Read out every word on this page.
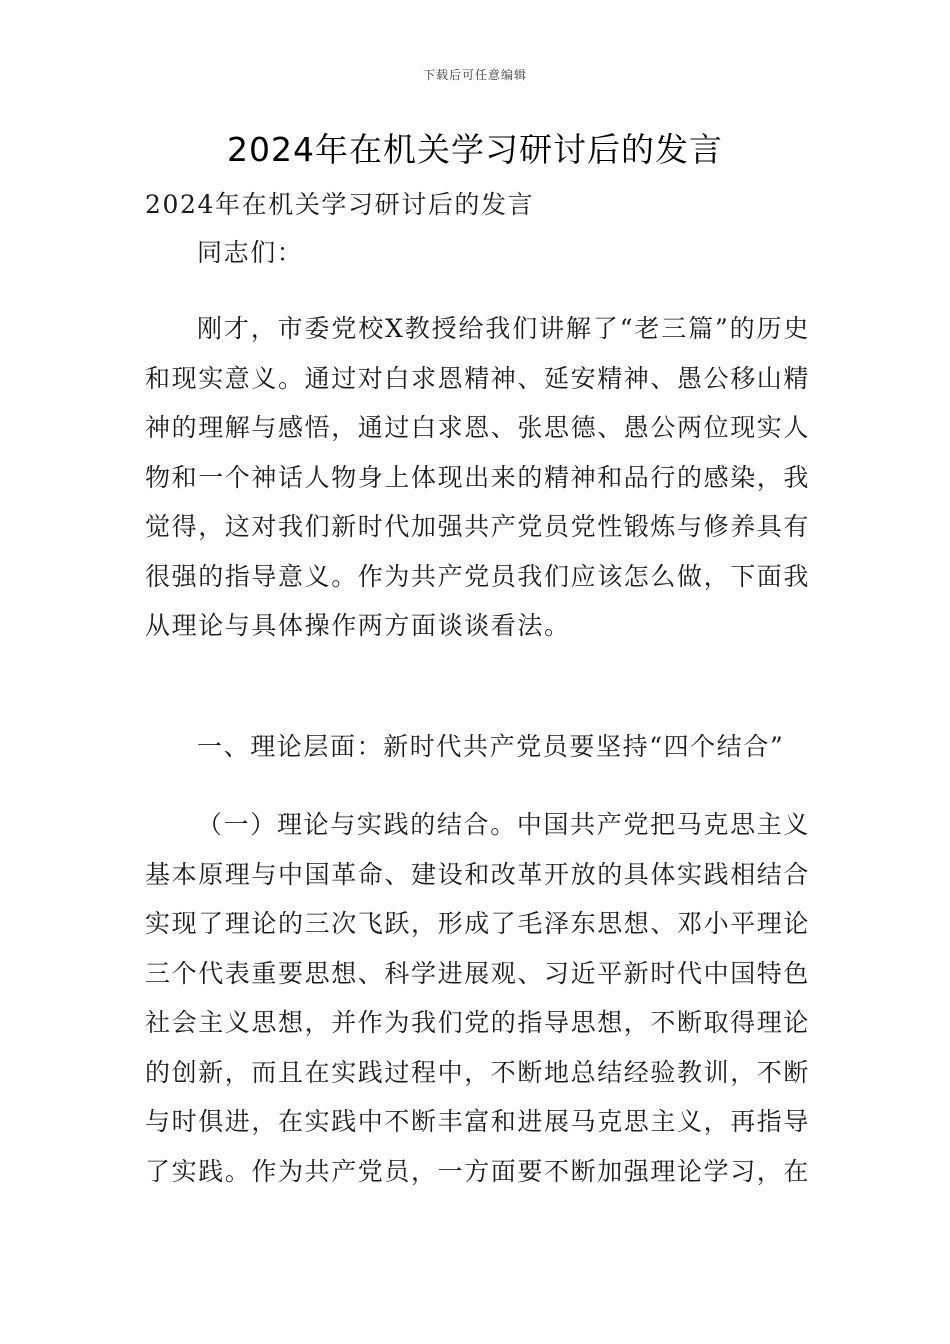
下载后可任意编辑
2024年在机关学习研讨后的发言
2024年在机关学习研讨后的发言
同志们：
刚才，市委党校X教授给我们讲解了“老三篇”的历史和现实意义。通过对白求恩精神、延安精神、愚公移山精神的理解与感悟，通过白求恩、张思德、愚公两位现实人物和一个神话人物身上体现出来的精神和品行的感染，我觉得，这对我们新时代加强共产党员党性锻炼与修养具有很强的指导意义。作为共产党员我们应该怎么做，下面我从理论与具体操作两方面谈谈看法。
一、理论层面：新时代共产党员要坚持“四个结合”
（一）理论与实践的结合。中国共产党把马克思主义基本原理与中国革命、建设和改革开放的具体实践相结合实现了理论的三次飞跃，形成了毛泽东思想、邓小平理论三个代表重要思想、科学进展观、习近平新时代中国特色社会主义思想，并作为我们党的指导思想，不断取得理论的创新，而且在实践过程中，不断地总结经验教训，不断与时俱进，在实践中不断丰富和进展马克思主义，再指导了实践。作为共产党员，一方面要不断加强理论学习，在
